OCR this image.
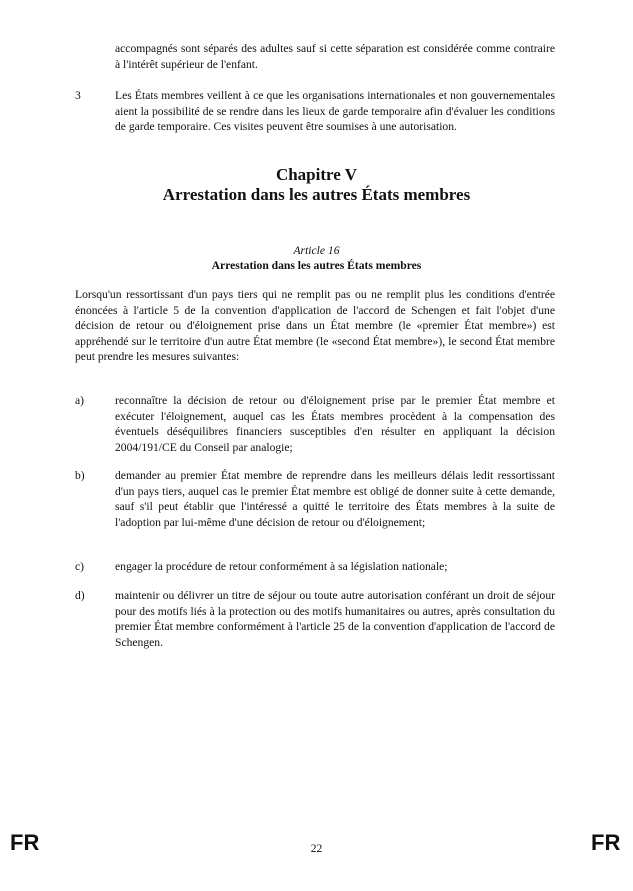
accompagnés sont séparés des adultes sauf si cette séparation est considérée comme contraire à l'intérêt supérieur de l'enfant.

3	Les États membres veillent à ce que les organisations internationales et non gouvernementales aient la possibilité de se rendre dans les lieux de garde temporaire afin d'évaluer les conditions de garde temporaire. Ces visites peuvent être soumises à une autorisation.

Chapitre V
Arrestation dans les autres États membres
Article 16
Arrestation dans les autres États membres

Lorsqu'un ressortissant d'un pays tiers qui ne remplit pas ou ne remplit plus les conditions d'entrée énoncées à l'article 5 de la convention d'application de l'accord de Schengen et fait l'objet d'une décision de retour ou d'éloignement prise dans un État membre (le «premier État membre») est appréhendé sur le territoire d'un autre État membre (le «second État membre»), le second État membre peut prendre les mesures suivantes:

a)	reconnaître la décision de retour ou d'éloignement prise par le premier État membre et exécuter l'éloignement, auquel cas les États membres procèdent à la compensation des éventuels déséquilibres financiers susceptibles d'en résulter en appliquant la décision 2004/191/CE du Conseil par analogie;

b)	demander au premier État membre de reprendre dans les meilleurs délais ledit ressortissant d'un pays tiers, auquel cas le premier État membre est obligé de donner suite à cette demande, sauf s'il peut établir que l'intéressé a quitté le territoire des États membres à la suite de l'adoption par lui-même d'une décision de retour ou d'éloignement;

c)	engager la procédure de retour conformément à sa législation nationale;

d)	maintenir ou délivrer un titre de séjour ou toute autre autorisation conférant un droit de séjour pour des motifs liés à la protection ou des motifs humanitaires ou autres, après consultation du premier État membre conformément à l'article 25 de la convention d'application de l'accord de Schengen.

FR	22	FR
